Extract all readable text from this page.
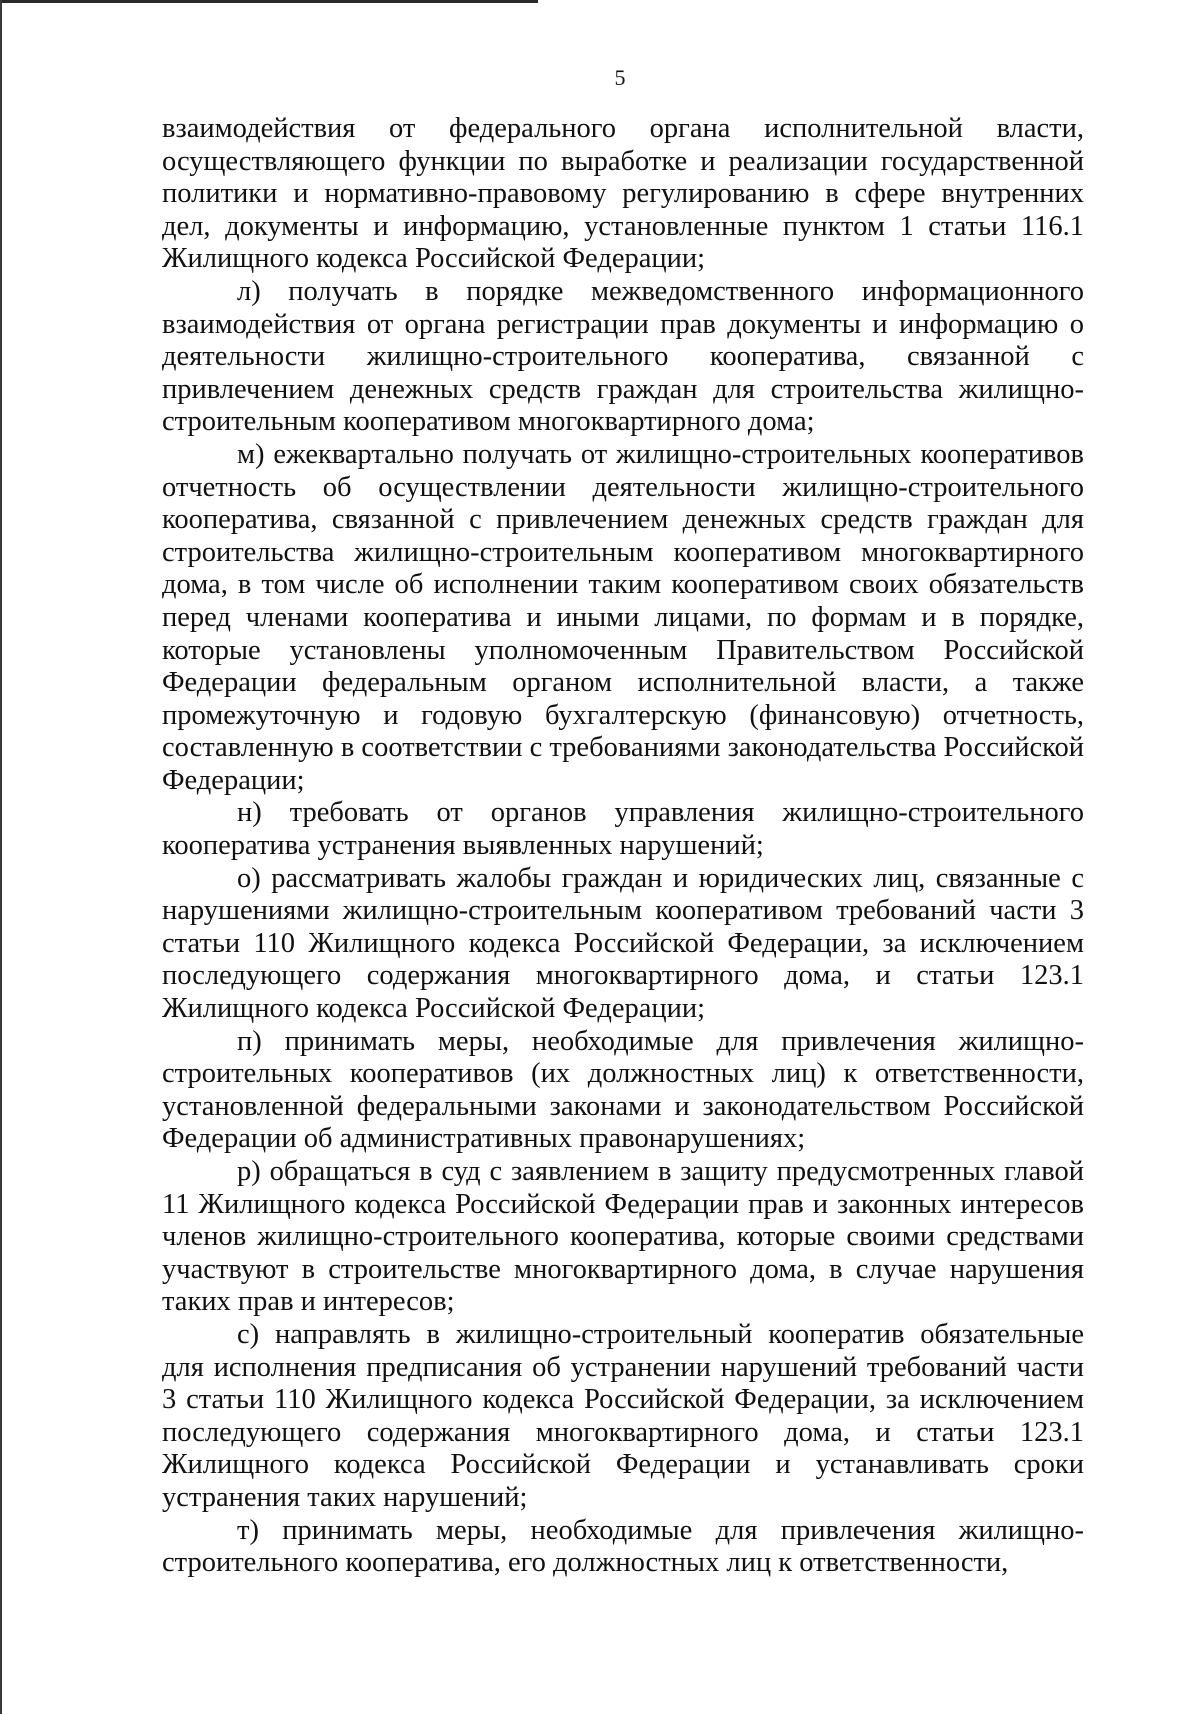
5

взаимодействия от федерального органа исполнительной власти, осуществляющего функции по выработке и реализации государственной политики и нормативно-правовому регулированию в сфере внутренних дел, документы и информацию, установленные пунктом 1 статьи 116.1 Жилищного кодекса Российской Федерации;

л) получать в порядке межведомственного информационного взаимодействия от органа регистрации прав документы и информацию о деятельности жилищно-строительного кооператива, связанной с привлечением денежных средств граждан для строительства жилищно-строительным кооперативом многоквартирного дома;

м) ежеквартально получать от жилищно-строительных кооперативов отчетность об осуществлении деятельности жилищно-строительного кооператива, связанной с привлечением денежных средств граждан для строительства жилищно-строительным кооперативом многоквартирного дома, в том числе об исполнении таким кооперативом своих обязательств перед членами кооператива и иными лицами, по формам и в порядке, которые установлены уполномоченным Правительством Российской Федерации федеральным органом исполнительной власти, а также промежуточную и годовую бухгалтерскую (финансовую) отчетность, составленную в соответствии с требованиями законодательства Российской Федерации;

н) требовать от органов управления жилищно-строительного кооператива устранения выявленных нарушений;

о) рассматривать жалобы граждан и юридических лиц, связанные с нарушениями жилищно-строительным кооперативом требований части 3 статьи 110 Жилищного кодекса Российской Федерации, за исключением последующего содержания многоквартирного дома, и статьи 123.1 Жилищного кодекса Российской Федерации;

п) принимать меры, необходимые для привлечения жилищно-строительных кооперативов (их должностных лиц) к ответственности, установленной федеральными законами и законодательством Российской Федерации об административных правонарушениях;

р) обращаться в суд с заявлением в защиту предусмотренных главой 11 Жилищного кодекса Российской Федерации прав и законных интересов членов жилищно-строительного кооператива, которые своими средствами участвуют в строительстве многоквартирного дома, в случае нарушения таких прав и интересов;

с) направлять в жилищно-строительный кооператив обязательные для исполнения предписания об устранении нарушений требований части 3 статьи 110 Жилищного кодекса Российской Федерации, за исключением последующего содержания многоквартирного дома, и статьи 123.1 Жилищного кодекса Российской Федерации и устанавливать сроки устранения таких нарушений;

т) принимать меры, необходимые для привлечения жилищно-строительного кооператива, его должностных лиц к ответственности,
